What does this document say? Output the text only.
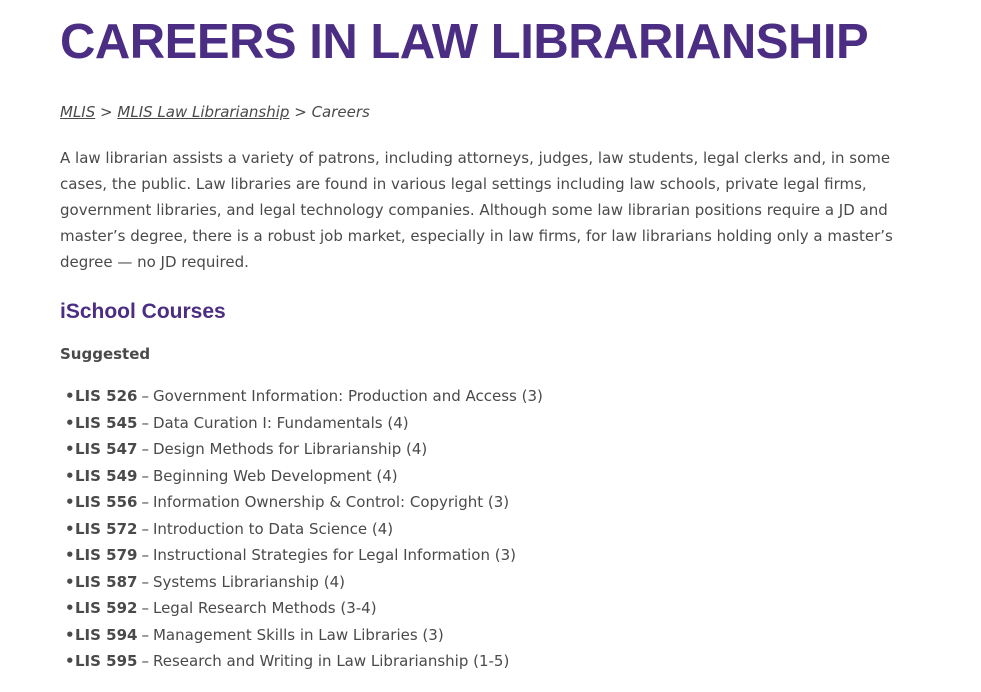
CAREERS IN LAW LIBRARIANSHIP
MLIS > MLIS Law Librarianship > Careers

A law librarian assists a variety of patrons, including attorneys, judges, law students, legal clerks and, in some cases, the public. Law libraries are found in various legal settings including law schools, private legal firms, government libraries, and legal technology companies. Although some law librarian positions require a JD and master’s degree, there is a robust job market, especially in law firms, for law librarians holding only a master’s degree — no JD required.

iSchool Courses

Suggested

• LIS 526 – Government Information: Production and Access (3)
• LIS 545 – Data Curation I: Fundamentals (4)
• LIS 547 – Design Methods for Librarianship (4)
• LIS 549 – Beginning Web Development (4)
• LIS 556 – Information Ownership & Control: Copyright (3)
• LIS 572 – Introduction to Data Science (4)
• LIS 579 – Instructional Strategies for Legal Information (3)
• LIS 587 – Systems Librarianship (4)
• LIS 592 – Legal Research Methods (3-4)
• LIS 594 – Management Skills in Law Libraries (3)
• LIS 595 – Research and Writing in Law Librarianship (1-5)
